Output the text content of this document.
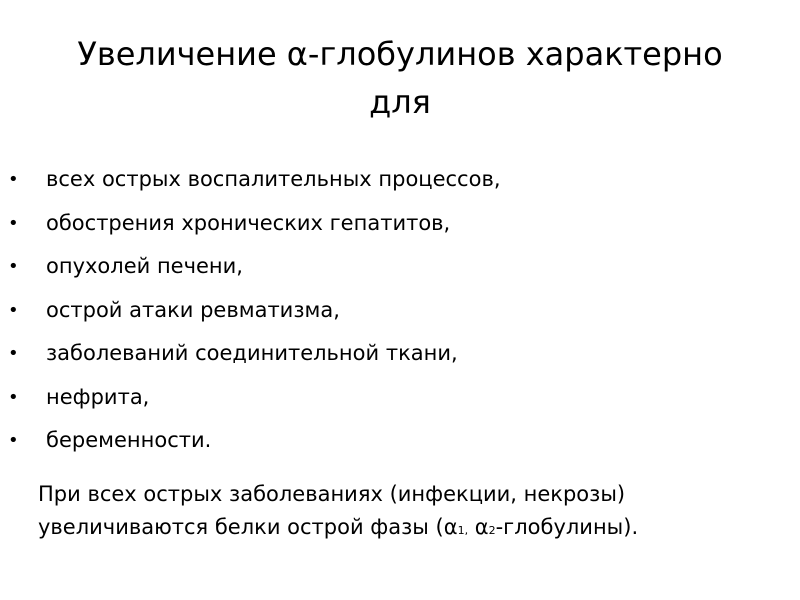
Увеличение α-глобулинов характерно
для
• всех острых воспалительных процессов,
• обострения хронических гепатитов,
• опухолей печени,
• острой атаки ревматизма,
• заболеваний соединительной ткани,
• нефрита,
• беременности.

При всех острых заболеваниях (инфекции, некрозы)
увеличиваются белки острой фазы (α1, α2-глобулины).
